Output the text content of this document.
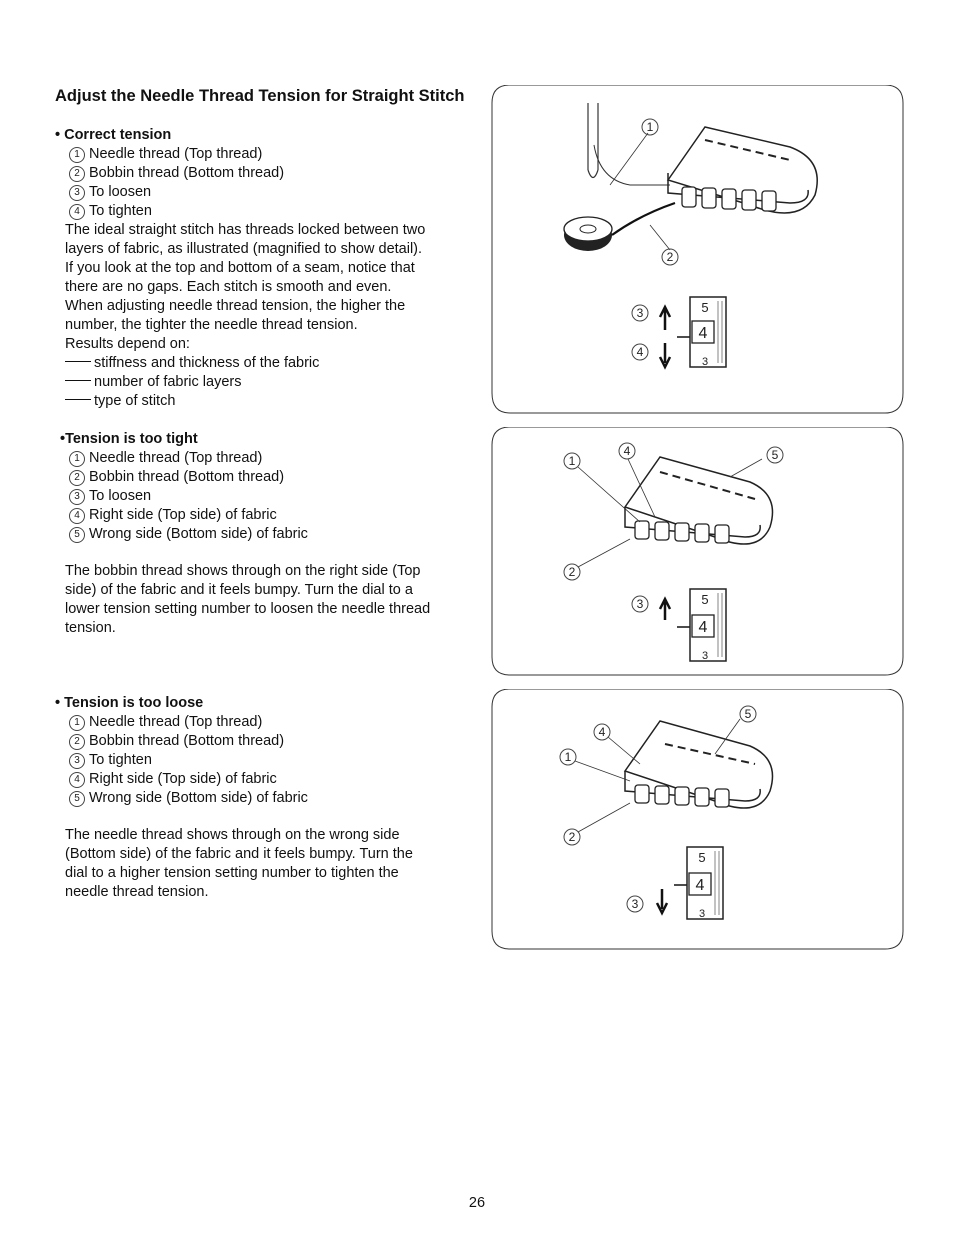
Adjust the Needle Thread Tension for Straight Stitch
• Correct tension
1 Needle thread (Top thread)
2 Bobbin thread (Bottom thread)
3 To loosen
4 To tighten
The ideal straight stitch has threads locked between two
layers of fabric, as illustrated (magnified to show detail).
If you look at the top and bottom of a seam, notice that
there are no gaps. Each stitch is smooth and even.
When adjusting needle thread tension, the higher the
number, the tighter the needle thread tension.
Results depend on:
stiffness and thickness of the fabric
number of fabric layers
type of stitch
•Tension is too tight
1 Needle thread (Top thread)
2 Bobbin thread (Bottom thread)
3 To loosen
4 Right side (Top side) of fabric
5 Wrong side (Bottom side) of fabric
The bobbin thread shows through on the right side (Top
side) of the fabric and it feels bumpy. Turn the dial to a
lower tension setting number to loosen the needle thread
tension.
• Tension is too loose
1 Needle thread (Top thread)
2 Bobbin thread (Bottom thread)
3 To tighten
4 Right side (Top side) of fabric
5 Wrong side (Bottom side) of fabric
The needle thread shows through on the wrong side
(Bottom side) of the fabric and it feels bumpy. Turn the
dial to a higher tension setting number to tighten the
needle thread tension.
1
2
3
4
5
4
3
1
4	5
2
3	5
4
3
4
5
1
2
3
5
4
3
26
